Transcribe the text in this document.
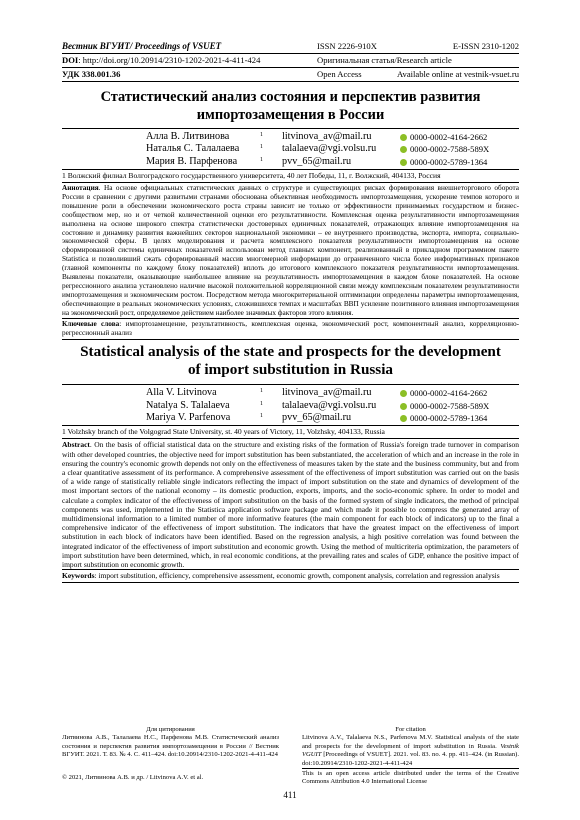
Вестник ВГУИТ/ Proceedings of VSUET	ISSN 2226-910X	E-ISSN 2310-1202
DOI: http://doi.org/10.20914/2310-1202-2021-4-411-424	Оригинальная статья/Research article
УДК 338.001.36	Open Access	Available online at vestnik-vsuet.ru
Статистический анализ состояния и перспектив развития
импортозамещения в России
Алла В. Литвинова	1 litvinova_av@mail.ru	0000-0002-4164-2662
Наталья С. Талалаева	1 talalaeva@vgi.volsu.ru	0000-0002-7588-589X
Мария В. Парфенова	1 pvv_65@mail.ru	0000-0002-5789-1364
1 Волжский филиал Волгоградского государственного университета, 40 лет Победы, 11, г. Волжский, 404133, Россия
Аннотация. На основе официальных статистических данных о структуре и существующих рисках формирования внешнеторгового оборота России в сравнении с другими развитыми странами обоснована объективная необходимость импортозамещения, ускорение темпов которого и повышение роли в обеспечении экономического роста страны зависит не только от эффективности принимаемых государством и бизнес-сообществом мер, но и от четкой количественной оценки его результативности. Комплексная оценка результативности импортозамещения выполнена на основе широкого спектра статистически достоверных единичных показателей, отражающих влияние импортозамещения на состояние и динамику развития важнейших секторов национальной экономики – ее внутреннего производства, экспорта, импорта, социально-экономической сферы. В целях моделирования и расчета комплексного показателя результативности импортозамещения на основе сформированной системы единичных показателей использован метод главных компонент, реализованный в прикладном программном пакете Statistica и позволивший сжать сформированный массив многомерной информации до ограниченного числа более информативных признаков (главной компоненты по каждому блоку показателей) вплоть до итогового комплексного показателя результативности импортозамещения. Выявлены показатели, оказывающие наибольшее влияние на результативность импортозамещения в каждом блоке показателей. На основе регрессионного анализа установлено наличие высокой положительной корреляционной связи между комплексным показателем результативности импортозамещения и экономическим ростом. Посредством метода многокритериальной оптимизации определены параметры импортозамещения, обеспечивающие в реальных экономических условиях, сложившихся темпах и масштабах ВВП усиление позитивного влияния импортозамещения на экономический рост, определяемое действием наиболее значимых факторов этого влияния.
Ключевые слова: импортозамещение, результативность, комплексная оценка, экономический рост, компонентный анализ, корреляционно-регрессионный анализ
Statistical analysis of the state and prospects for the development
of import substitution in Russia
Alla V. Litvinova	1 litvinova_av@mail.ru	0000-0002-4164-2662
Natalya S. Talalaeva	1 talalaeva@vgi.volsu.ru	0000-0002-7588-589X
Mariya V. Parfenova	1 pvv_65@mail.ru	0000-0002-5789-1364
1 Volzhsky branch of the Volgograd State University, st. 40 years of Victory, 11, Volzhsky, 404133, Russia
Abstract. On the basis of official statistical data on the structure and existing risks of the formation of Russia's foreign trade turnover in comparison with other developed countries, the objective need for import substitution has been substantiated, the acceleration of which and an increase in the role in ensuring the country's economic growth depends not only on the effectiveness of measures taken by the state and the business community, but and from a clear quantitative assessment of its performance. A comprehensive assessment of the effectiveness of import substitution was carried out on the basis of a wide range of statistically reliable single indicators reflecting the impact of import substitution on the state and dynamics of development of the most important sectors of the national economy – its domestic production, exports, imports, and the socio-economic sphere. In order to model and calculate a complex indicator of the effectiveness of import substitution on the basis of the formed system of single indicators, the method of principal components was used, implemented in the Statistica application software package and which made it possible to compress the generated array of multidimensional information to a limited number of more informative features (the main component for each block of indicators) up to the final a comprehensive indicator of the effectiveness of import substitution. The indicators that have the greatest impact on the effectiveness of import substitution in each block of indicators have been identified. Based on the regression analysis, a high positive correlation was found between the integrated indicator of the effectiveness of import substitution and economic growth. Using the method of multicriteria optimization, the parameters of import substitution have been determined, which, in real economic conditions, at the prevailing rates and scales of GDP, enhance the positive impact of import substitution on economic growth.
Keywords: import substitution, efficiency, comprehensive assessment, economic growth, component analysis, correlation and regression analysis
Для цитирования
Литвинова А.В., Талалаева Н.С., Парфенова М.В. Статистический анализ состояния и перспектив развития импортозамещения в России // Вестник ВГУИТ. 2021. Т. 83. № 4. С. 411–424. doi:10.20914/2310-1202-2021-4-411-424
For citation
Litvinova A.V., Talalaeva N.S., Parfenova M.V. Statistical analysis of the state and prospects for the development of import substitution in Russia. Vestnik VGUIT [Proceedings of VSUET]. 2021. vol. 83. no. 4. pp. 411–424. (in Russian). doi:10.20914/2310-1202-2021-4-411-424
© 2021, Литвинова А.В. и др. / Litvinova A.V. et al.
This is an open access article distributed under the terms of the Creative Commons Attribution 4.0 International License
411
